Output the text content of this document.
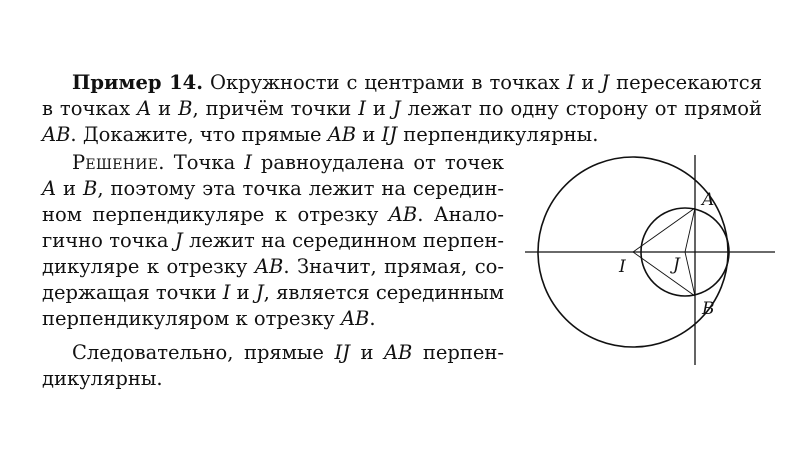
Пример 14. Окружности с центрами в точках I и J пересекаются
в точках A и B, причём точки I и J лежат по одну сторону от прямой
AB. Докажите, что прямые AB и IJ перпендикулярны.
Решение. Точка I равноудалена от точек
A и B, поэтому эта точка лежит на середин-
ном перпендикуляре к отрезку AB. Анало-
гично точка J лежит на серединном перпен-
дикуляре к отрезку AB. Значит, прямая, со-
держащая точки I и J, является серединным
перпендикуляром к отрезку AB.
Следовательно, прямые IJ и AB перпен-
дикулярны.
A
B
I	J
